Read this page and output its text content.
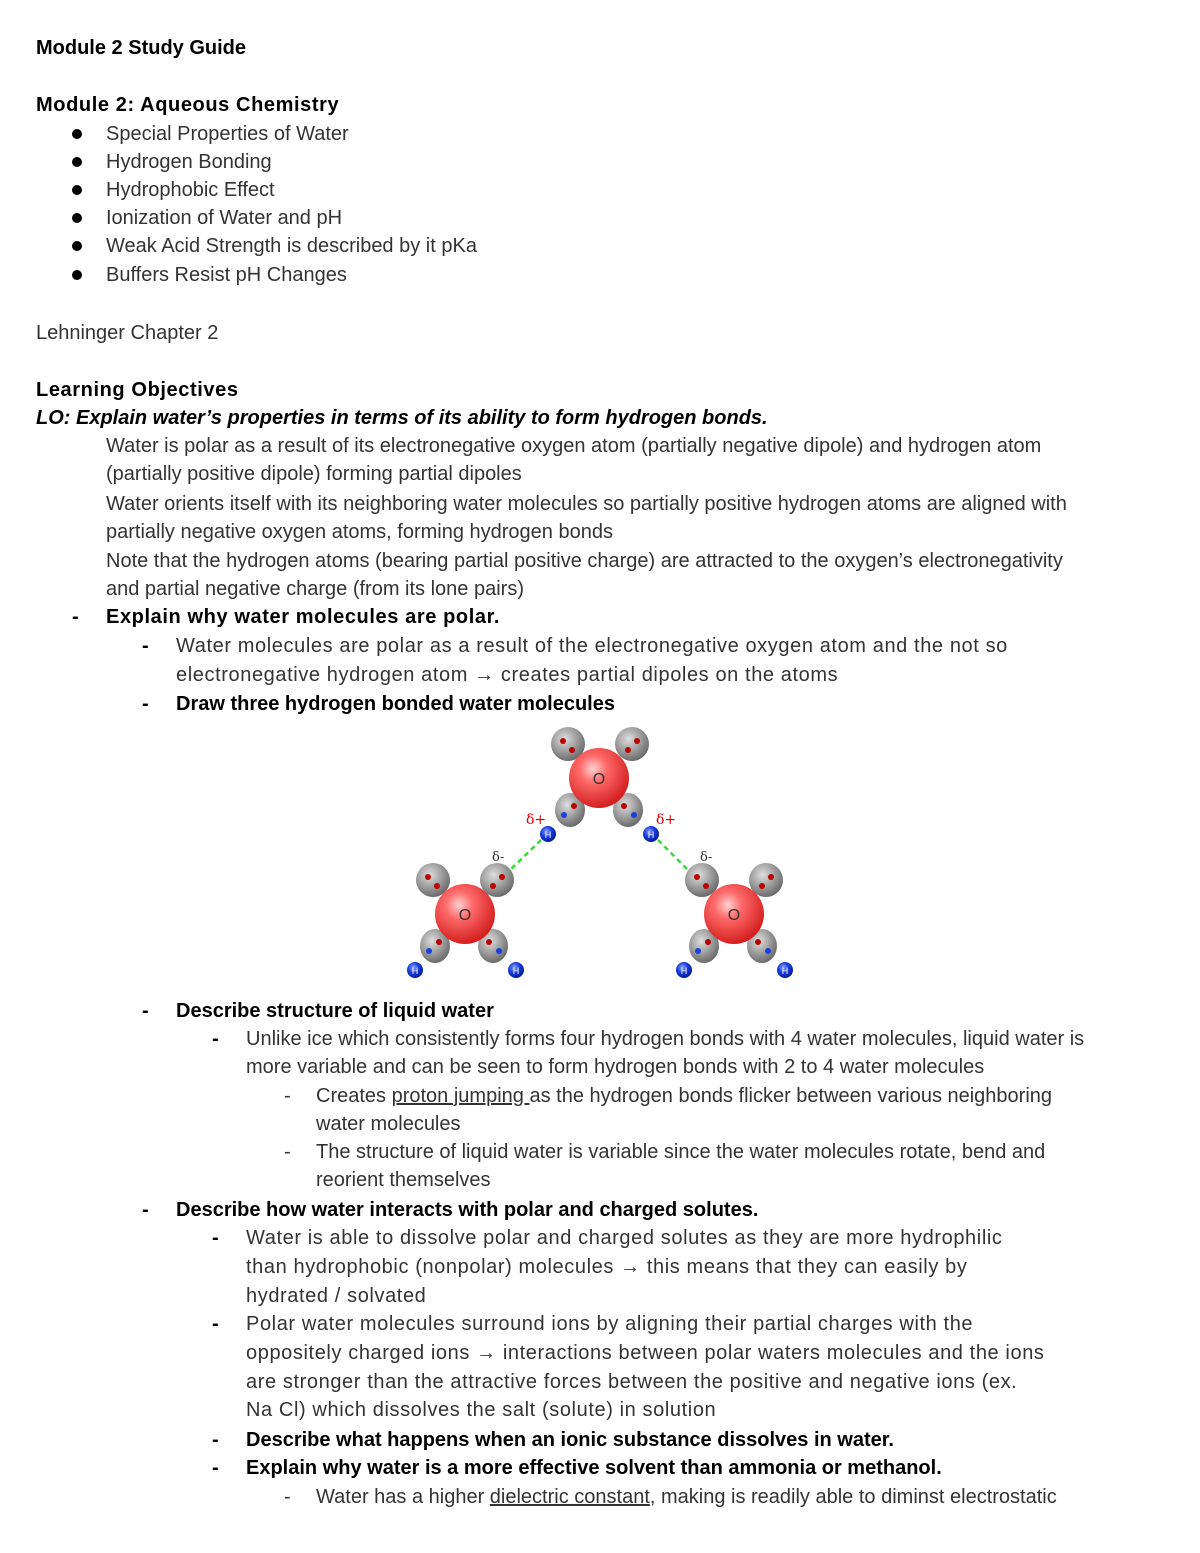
Module 2 Study Guide
Module 2: Aqueous Chemistry
Special Properties of Water
Hydrogen Bonding
Hydrophobic Effect
Ionization of Water and pH
Weak Acid Strength is described by it pKa
Buffers Resist pH Changes
Lehninger Chapter 2
Learning Objectives
LO: Explain water’s properties in terms of its ability to form hydrogen bonds.
Water is polar as a result of its electronegative oxygen atom (partially negative dipole) and hydrogen atom
(partially positive dipole) forming partial dipoles
Water orients itself with its neighboring water molecules so partially positive hydrogen atoms are aligned with
partially negative oxygen atoms, forming hydrogen bonds
Note that the hydrogen atoms (bearing partial positive charge) are attracted to the oxygen’s electronegativity
and partial negative charge (from its lone pairs)
- Explain why water molecules are polar.
- Water molecules are polar as a result of the electronegative oxygen atom and the not so
electronegative hydrogen atom → creates partial dipoles on the atoms
- Draw three hydrogen bonded water molecules
O
H	H
O
H	H
O
H	H
δ+	δ+
δ-	δ-
- Describe structure of liquid water
- Unlike ice which consistently forms four hydrogen bonds with 4 water molecules, liquid water is
more variable and can be seen to form hydrogen bonds with 2 to 4 water molecules
- Creates proton jumping as the hydrogen bonds flicker between various neighboring
water molecules
- The structure of liquid water is variable since the water molecules rotate, bend and
reorient themselves
- Describe how water interacts with polar and charged solutes.
- Water is able to dissolve polar and charged solutes as they are more hydrophilic
than hydrophobic (nonpolar) molecules → this means that they can easily by
hydrated / solvated
- Polar water molecules surround ions by aligning their partial charges with the
oppositely charged ions → interactions between polar waters molecules and the ions
are stronger than the attractive forces between the positive and negative ions (ex.
Na Cl) which dissolves the salt (solute) in solution
- Describe what happens when an ionic substance dissolves in water.
- Explain why water is a more effective solvent than ammonia or methanol.
- Water has a higher dielectric constant, making is readily able to diminst electrostatic
